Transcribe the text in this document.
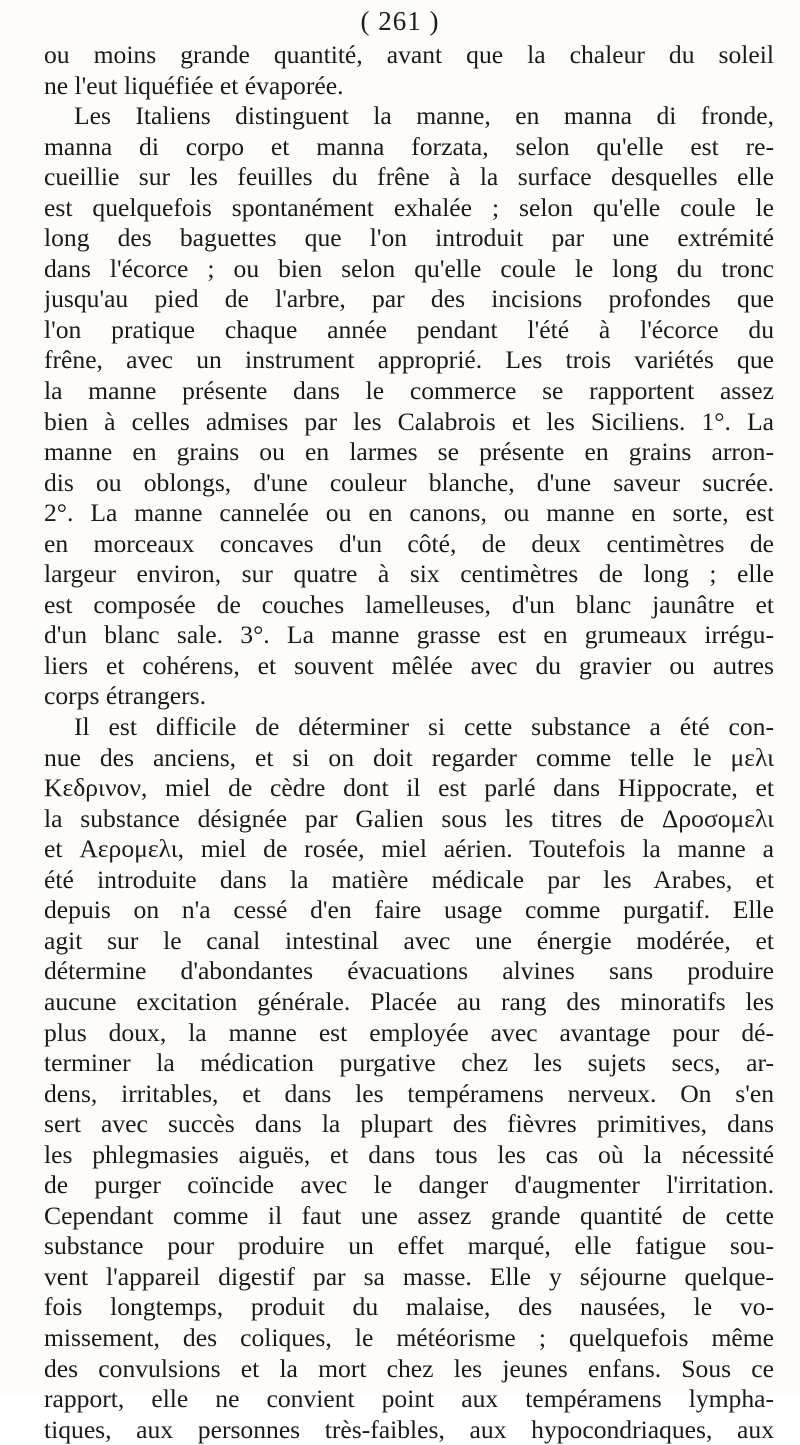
( 261 )
ou moins grande quantité, avant que la chaleur du soleil
ne l'eut liquéfiée et évaporée.
Les Italiens distinguent la manne, en manna di fronde,
manna di corpo et manna forzata, selon qu'elle est re-
cueillie sur les feuilles du frêne à la surface desquelles elle
est quelquefois spontanément exhalée ; selon qu'elle coule le
long des baguettes que l'on introduit par une extrémité
dans l'écorce ; ou bien selon qu'elle coule le long du tronc
jusqu'au pied de l'arbre, par des incisions profondes que
l'on pratique chaque année pendant l'été à l'écorce du
frêne, avec un instrument approprié. Les trois variétés que
la manne présente dans le commerce se rapportent assez
bien à celles admises par les Calabrois et les Siciliens. 1°. La
manne en grains ou en larmes se présente en grains arron-
dis ou oblongs, d'une couleur blanche, d'une saveur sucrée.
2°. La manne cannelée ou en canons, ou manne en sorte, est
en morceaux concaves d'un côté, de deux centimètres de
largeur environ, sur quatre à six centimètres de long ; elle
est composée de couches lamelleuses, d'un blanc jaunâtre et
d'un blanc sale. 3°. La manne grasse est en grumeaux irrégu-
liers et cohérens, et souvent mêlée avec du gravier ou autres
corps étrangers.
Il est difficile de déterminer si cette substance a été con-
nue des anciens, et si on doit regarder comme telle le μελι
Κεδρινον, miel de cèdre dont il est parlé dans Hippocrate, et
la substance désignée par Galien sous les titres de Δροσομελι
et Αερομελι, miel de rosée, miel aérien. Toutefois la manne a
été introduite dans la matière médicale par les Arabes, et
depuis on n'a cessé d'en faire usage comme purgatif. Elle
agit sur le canal intestinal avec une énergie modérée, et
détermine d'abondantes évacuations alvines sans produire
aucune excitation générale. Placée au rang des minoratifs les
plus doux, la manne est employée avec avantage pour dé-
terminer la médication purgative chez les sujets secs, ar-
dens, irritables, et dans les tempéramens nerveux. On s'en
sert avec succès dans la plupart des fièvres primitives, dans
les phlegmasies aiguës, et dans tous les cas où la nécessité
de purger coïncide avec le danger d'augmenter l'irritation.
Cependant comme il faut une assez grande quantité de cette
substance pour produire un effet marqué, elle fatigue sou-
vent l'appareil digestif par sa masse. Elle y séjourne quelque-
fois longtemps, produit du malaise, des nausées, le vo-
missement, des coliques, le météorisme ; quelquefois même
des convulsions et la mort chez les jeunes enfans. Sous ce
rapport, elle ne convient point aux tempéramens lympha-
tiques, aux personnes très-faibles, aux hypocondriaques, aux
